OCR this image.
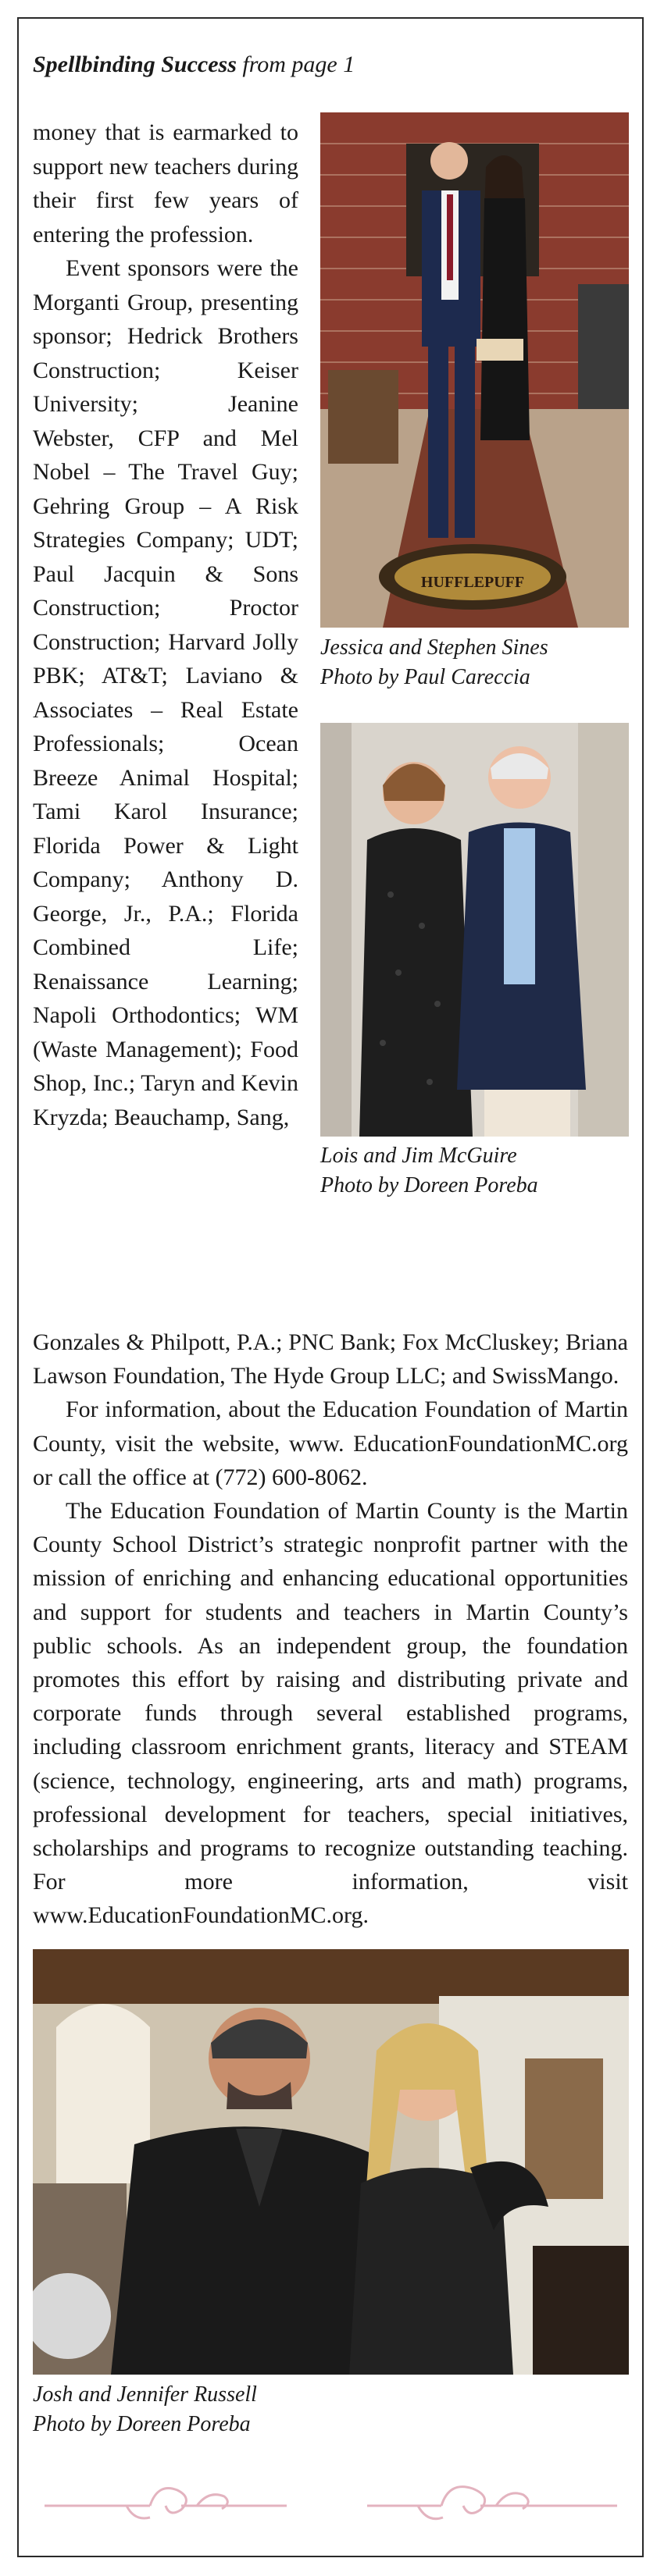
Spellbinding Success from page 1

money that is earmarked to support new teachers during their first few years of entering the profession.

Event sponsors were the Morganti Group, presenting sponsor; Hedrick Brothers Construction; Keiser University; Jeanine Webster, CFP and Mel Nobel – The Travel Guy; Gehring Group – A Risk Strategies Company; UDT; Paul Jacquin & Sons Construction; Proctor Construction; Harvard Jolly PBK; AT&T; Laviano & Associates – Real Estate Professionals; Ocean Breeze Animal Hospital; Tami Karol Insurance; Florida Power & Light Company; Anthony D. George, Jr., P.A.; Florida Combined Life; Renaissance Learning; Napoli Orthodontics; WM (Waste Management); Food Shop, Inc.; Taryn and Kevin Kryzda; Beauchamp, Sang,

HUFFLEPUFF
Jessica and Stephen Sines
Photo by Paul Careccia
Lois and Jim McGuire
Photo by Doreen Poreba

Gonzales & Philpott, P.A.; PNC Bank; Fox McCluskey; Briana Lawson Foundation, The Hyde Group LLC; and SwissMango.

For information, about the Education Foundation of Martin County, visit the website, www. EducationFoundationMC.org or call the office at (772) 600-8062.

The Education Foundation of Martin County is the Martin County School District’s strategic nonprofit partner with the mission of enriching and enhancing educational opportunities and support for students and teachers in Martin County’s public schools. As an independent group, the foundation promotes this effort by raising and distributing private and corporate funds through several established programs, including classroom enrichment grants, literacy and STEAM (science, technology, engineering, arts and math) programs, professional development for teachers, special initiatives, scholarships and programs to recognize outstanding teaching. For more information, visit www.EducationFoundationMC.org.

Josh and Jennifer Russell
Photo by Doreen Poreba
